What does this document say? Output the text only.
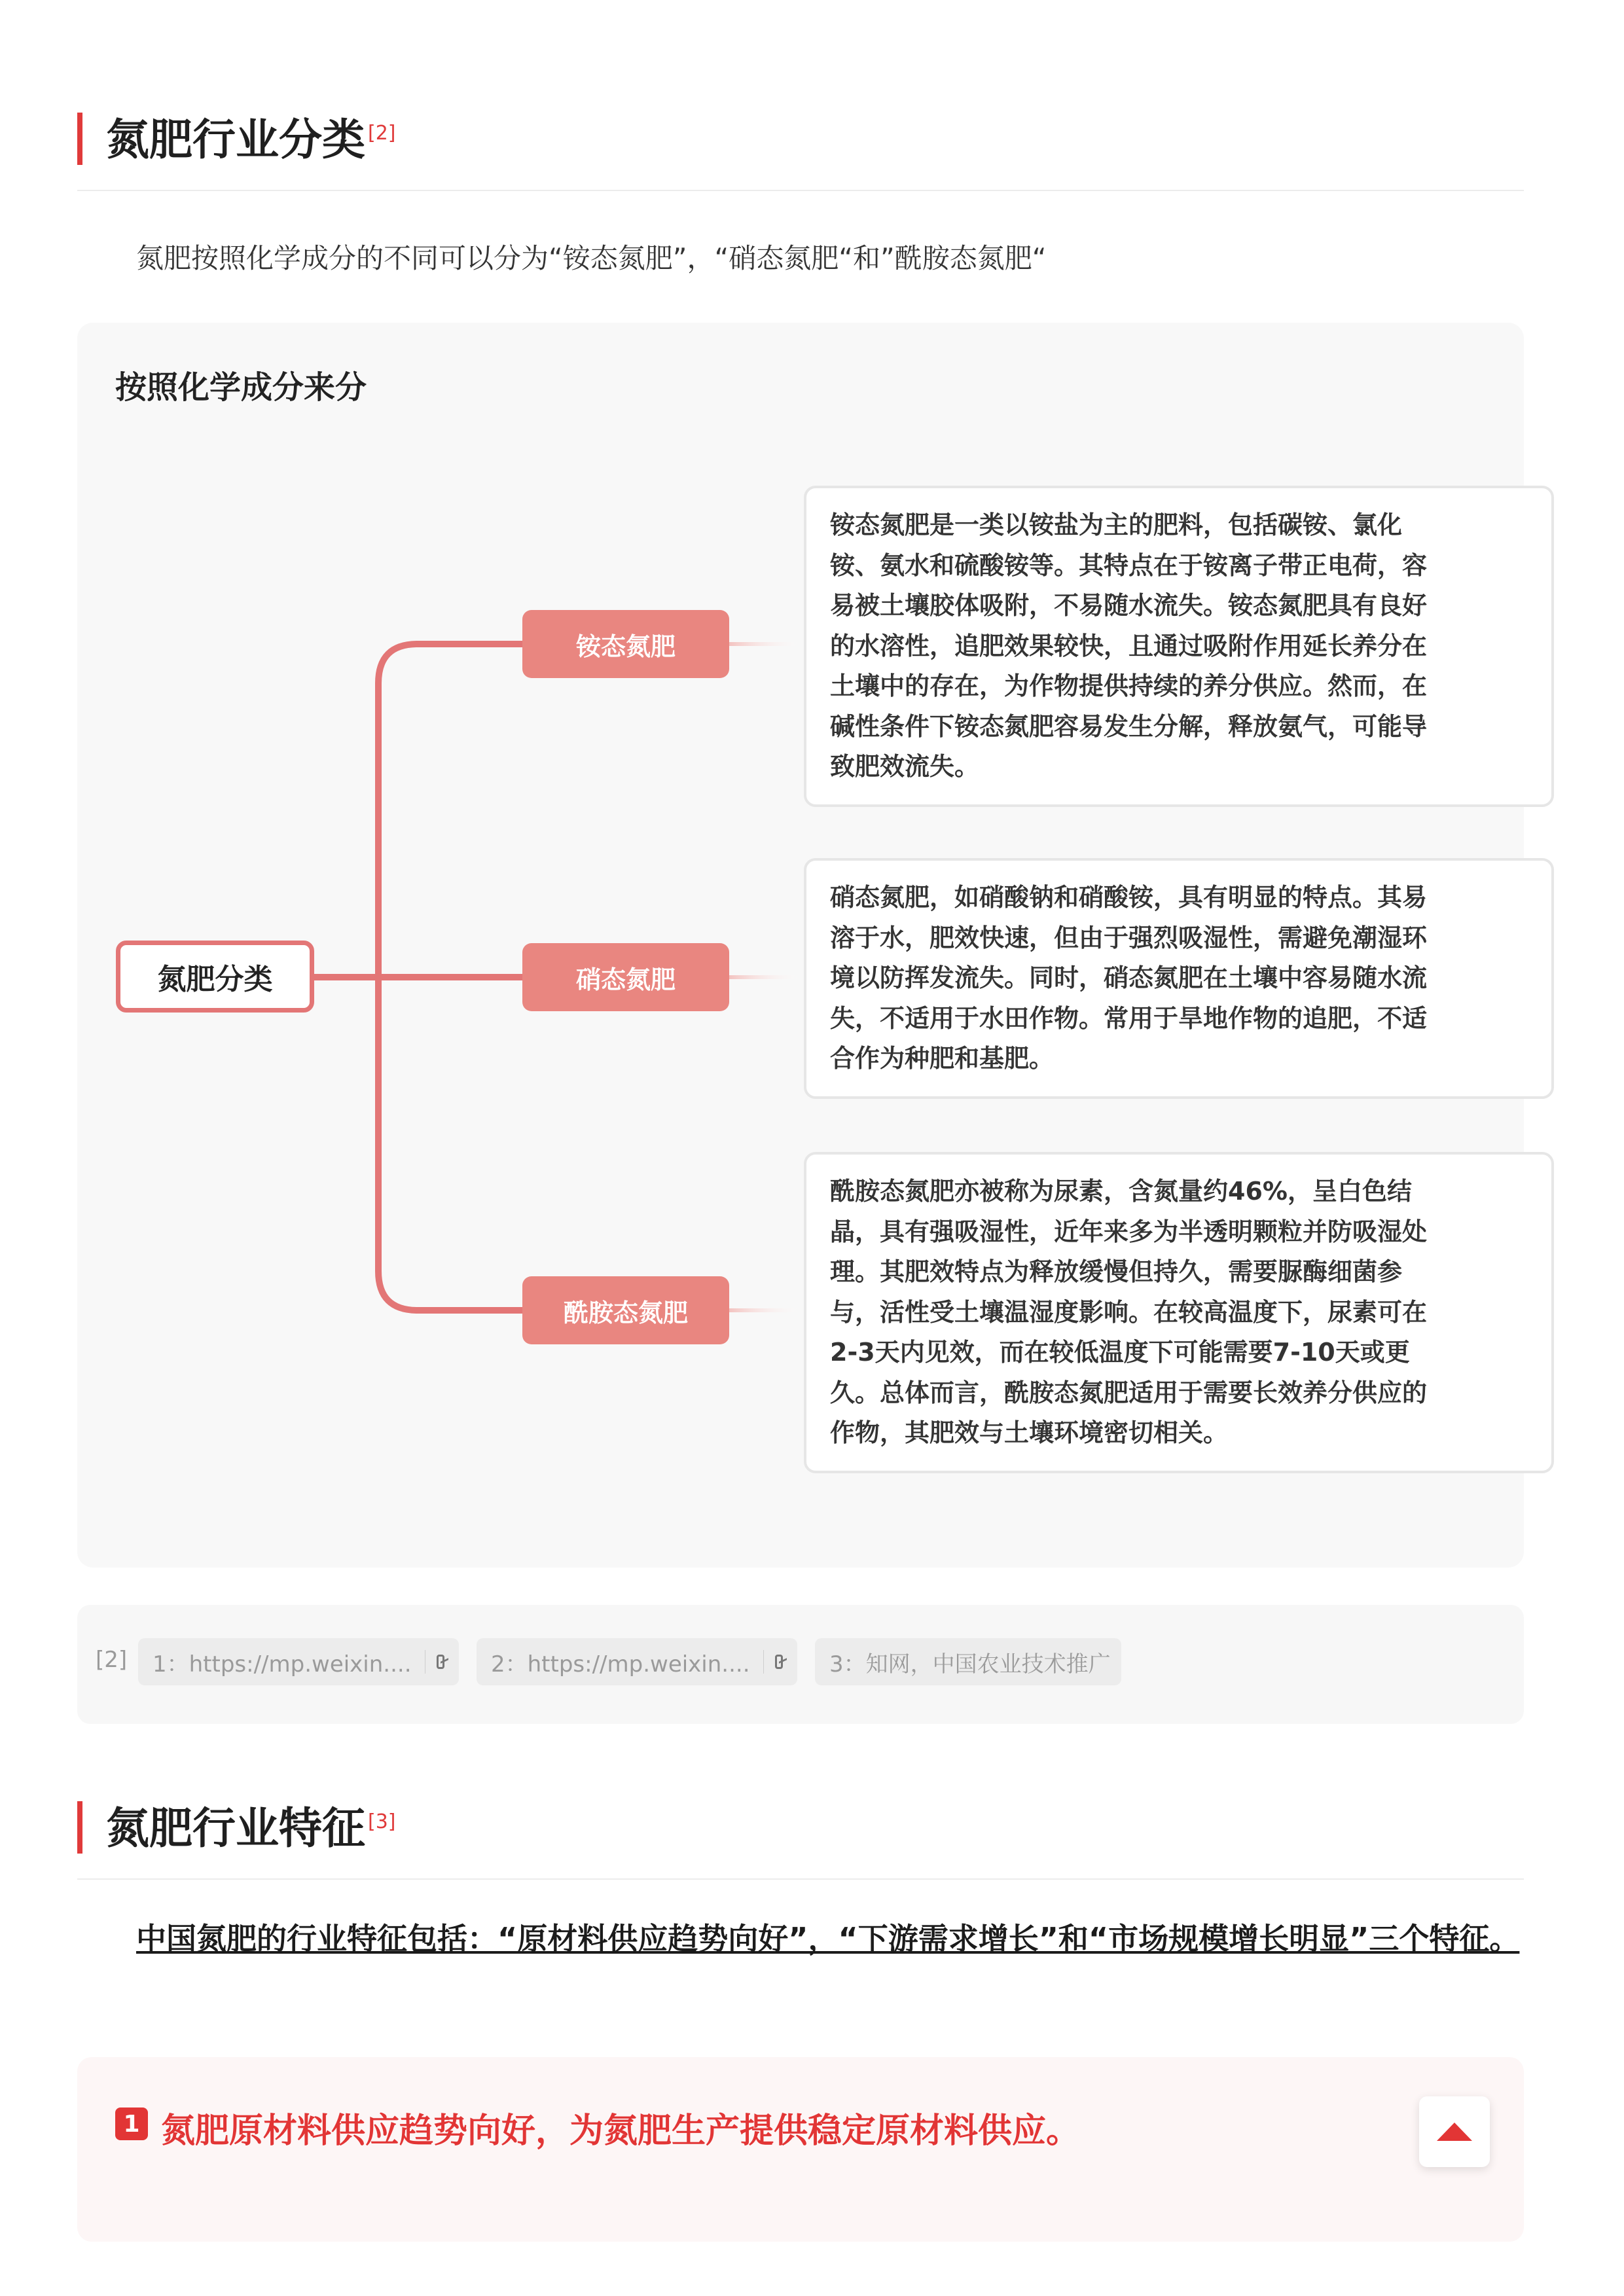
氮肥行业分类 [2]
氮肥按照化学成分的不同可以分为“铵态氮肥”，“硝态氮肥“和”酰胺态氮肥“
按照化学成分来分
氮肥分类
铵态氮肥
硝态氮肥
酰胺态氮肥
铵态氮肥是一类以铵盐为主的肥料，包括碳铵、氯化
铵、氨水和硫酸铵等。其特点在于铵离子带正电荷，容
易被土壤胶体吸附，不易随水流失。铵态氮肥具有良好
的水溶性，追肥效果较快，且通过吸附作用延长养分在
土壤中的存在，为作物提供持续的养分供应。然而，在
碱性条件下铵态氮肥容易发生分解，释放氨气，可能导
致肥效流失。
硝态氮肥，如硝酸钠和硝酸铵，具有明显的特点。其易
溶于水，肥效快速，但由于强烈吸湿性，需避免潮湿环
境以防挥发流失。同时，硝态氮肥在土壤中容易随水流
失，不适用于水田作物。常用于旱地作物的追肥，不适
合作为种肥和基肥。
酰胺态氮肥亦被称为尿素，含氮量约46%，呈白色结
晶，具有强吸湿性，近年来多为半透明颗粒并防吸湿处
理。其肥效特点为释放缓慢但持久，需要脲酶细菌参
与，活性受土壤温湿度影响。在较高温度下，尿素可在
2-3天内见效，而在较低温度下可能需要7-10天或更
久。总体而言，酰胺态氮肥适用于需要长效养分供应的
作物，其肥效与土壤环境密切相关。
[2] 1：https://mp.weixin....	2：https://mp.weixin....	3：知网，中国农业技术推广
氮肥行业特征 [3]
中国氮肥的行业特征包括：“原材料供应趋势向好”，“下游需求增长”和“市场规模增长明显”三个特征。
1 氮肥原材料供应趋势向好，为氮肥生产提供稳定原材料供应。
